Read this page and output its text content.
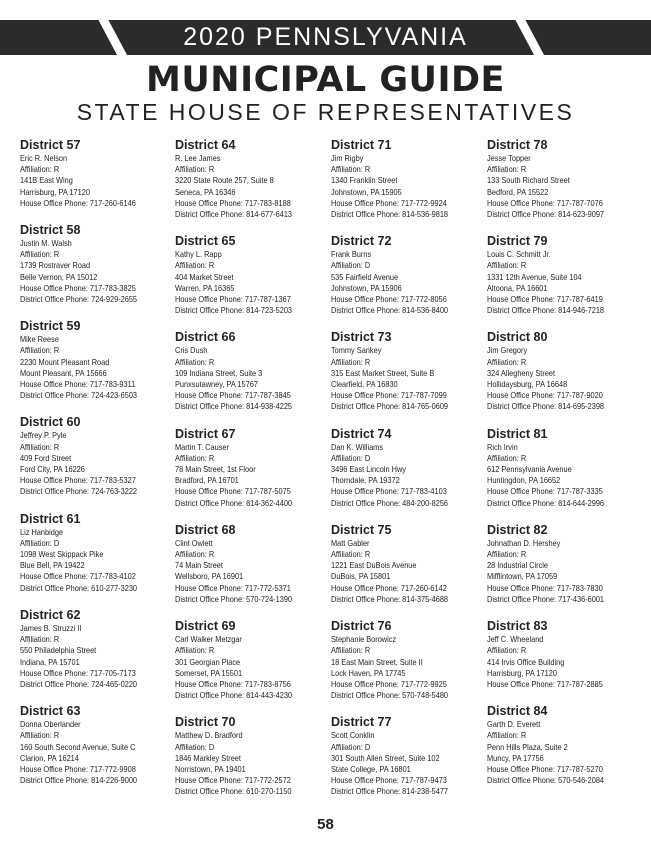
2020 PENNSLYVANIA
MUNICIPAL GUIDE
STATE HOUSE OF REPRESENTATIVES
District 57
Eric R. Nelson
Affiliation: R
141B East Wing
Harrisburg, PA 17120
House Office Phone: 717-260-6146
District 58
Justin M. Walsh
Affiliation: R
1739 Rostraver Road
Belle Vernon, PA 15012
House Office Phone: 717-783-3825
District Office Phone: 724-929-2655
District 59
Mike Reese
Affiliation: R
2230 Mount Pleasant Road
Mount Pleasant, PA 15666
House Office Phone: 717-783-9311
District Office Phone: 724-423-6503
District 60
Jeffrey P. Pyle
Affiliation: R
409 Ford Street
Ford City, PA 16226
House Office Phone: 717-783-5327
District Office Phone: 724-763-3222
District 61
Liz Hanbidge
Affiliation: D
1098 West Skippack Pike
Blue Bell, PA 19422
House Office Phone: 717-783-4102
District Office Phone: 610-277-3230
District 62
James B. Struzzi II
Affiliation: R
550 Philadelphia Street
Indiana, PA 15701
House Office Phone: 717-705-7173
District Office Phone: 724-465-0220
District 63
Donna Oberlander
Affiliation: R
160 South Second Avenue, Suite C
Clarion, PA 16214
House Office Phone: 717-772-9908
District Office Phone: 814-226-9000
District 64
R. Lee James
Affiliation: R
3220 State Route 257, Suite 8
Seneca, PA 16346
House Office Phone: 717-783-8188
District Office Phone: 814-677-6413
District 65
Kathy L. Rapp
Affiliation: R
404 Market Street
Warren, PA 16365
House Office Phone: 717-787-1367
District Office Phone: 814-723-5203
District 66
Cris Dush
Affiliation: R
109 Indiana Street, Suite 3
Punxsutawney, PA 15767
House Office Phone: 717-787-3845
District Office Phone: 814-938-4225
District 67
Martin T. Causer
Affiliation: R
78 Main Street, 1st Floor
Bradford, PA 16701
House Office Phone: 717-787-5075
District Office Phone: 814-362-4400
District 68
Clint Owlett
Affiliation: R
74 Main Street
Wellsboro, PA 16901
House Office Phone: 717-772-5371
District Office Phone: 570-724-1390
District 69
Carl Walker Metzgar
Affiliation: R
301 Georgian Place
Somerset, PA 15501
House Office Phone: 717-783-8756
District Office Phone: 814-443-4230
District 70
Matthew D. Bradford
Affiliation: D
1846 Markley Street
Norristown, PA 19401
House Office Phone: 717-772-2572
District Office Phone: 610-270-1150
District 71
Jim Rigby
Affiliation: R
1340 Franklin Street
Johnstown, PA 15905
House Office Phone: 717-772-9924
District Office Phone: 814-536-9818
District 72
Frank Burns
Affiliation: D
535 Fairfield Avenue
Johnstown, PA 15906
House Office Phone: 717-772-8056
District Office Phone: 814-536-8400
District 73
Tommy Sankey
Affiliation: R
315 East Market Street, Suite B
Clearfield, PA 16830
House Office Phone: 717-787-7099
District Office Phone: 814-765-0609
District 74
Dan K. Williams
Affiliation: D
3496 East Lincoln Hwy
Thorndale, PA 19372
House Office Phone: 717-783-4103
District Office Phone: 484-200-8256
District 75
Matt Gabler
Affiliation: R
1221 East DuBois Avenue
DuBois, PA 15801
House Office Phone: 717-260-6142
District Office Phone: 814-375-4688
District 76
Stephanie Borowicz
Affiliation: R
18 East Main Street, Suite II
Lock Haven, PA 17745
House Office Phone: 717-772-9925
District Office Phone: 570-748-5480
District 77
Scott Conklin
Affiliation: D
301 South Allen Street, Suite 102
State College, PA 16801
House Office Phone: 717-787-9473
District Office Phone: 814-238-5477
District 78
Jesse Topper
Affiliation: R
133 South Richard Street
Bedford, PA 15522
House Office Phone: 717-787-7076
District Office Phone: 814-623-9097
District 79
Louis C. Schmitt Jr.
Affiliation: R
1331 12th Avenue, Suite 104
Altoona, PA 16601
House Office Phone: 717-787-6419
District Office Phone: 814-946-7218
District 80
Jim Gregory
Affiliation: R
324 Allegheny Street
Hollidaysburg, PA 16648
House Office Phone: 717-787-9020
District Office Phone: 814-695-2398
District 81
Rich Irvin
Affiliation: R
612 Pennsylvania Avenue
Huntingdon, PA 16652
House Office Phone: 717-787-3335
District Office Phone: 814-644-2996
District 82
Johnathan D. Hershey
Affiliation: R
28 Industrial Circle
Mifflintown, PA 17059
House Office Phone: 717-783-7830
District Office Phone: 717-436-6001
District 83
Jeff C. Wheeland
Affiliation: R
414 Irvis Office Building
Harrisburg, PA 17120
House Office Phone: 717-787-2885
District 84
Garth D. Everett
Affiliation: R
Penn Hills Plaza, Suite 2
Muncy, PA 17756
House Office Phone: 717-787-5270
District Office Phone: 570-546-2084
58
